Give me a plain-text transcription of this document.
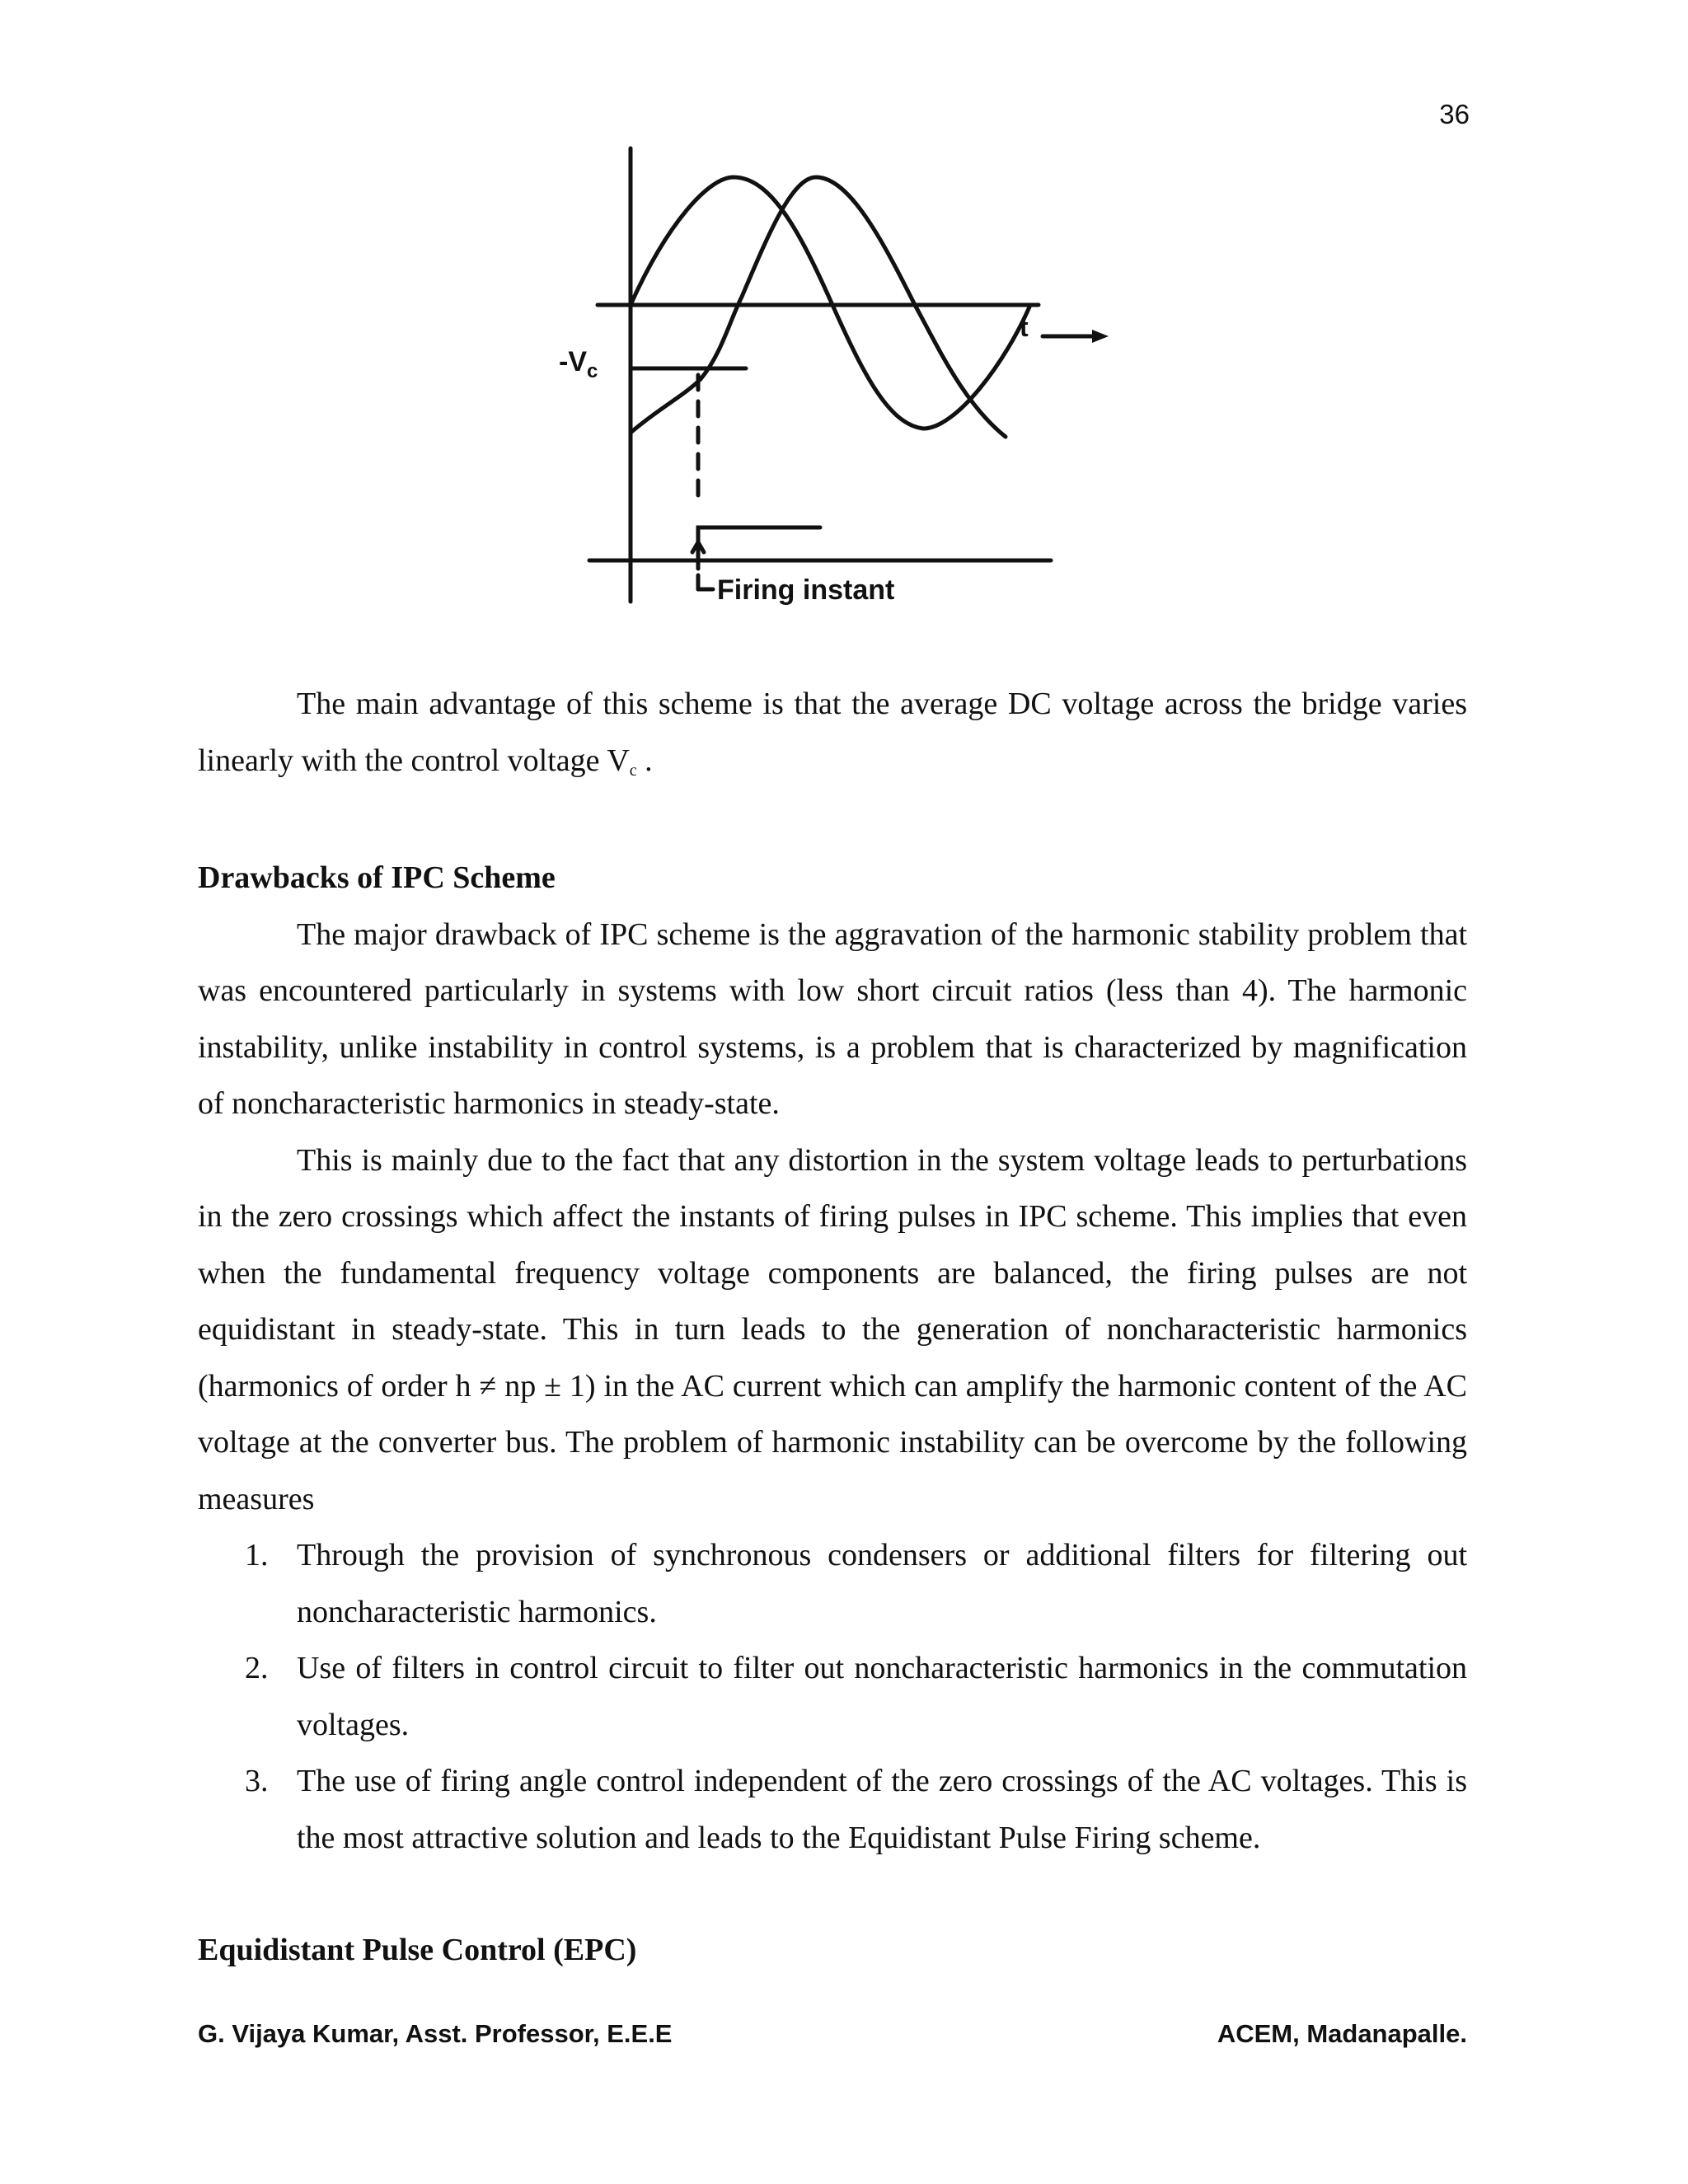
36
$-V_c$
t
Firing instant

The main advantage of this scheme is that the average DC voltage across the bridge varies linearly with the control voltage $V_c$ .

Drawbacks of IPC Scheme

The major drawback of IPC scheme is the aggravation of the harmonic stability problem that was encountered particularly in systems with low short circuit ratios (less than 4). The harmonic instability, unlike instability in control systems, is a problem that is characterized by magnification of noncharacteristic harmonics in steady-state.

This is mainly due to the fact that any distortion in the system voltage leads to perturbations in the zero crossings which affect the instants of firing pulses in IPC scheme. This implies that even when the fundamental frequency voltage components are balanced, the firing pulses are not equidistant in steady-state. This in turn leads to the generation of noncharacteristic harmonics (harmonics of order h ≠ np ± 1) in the AC current which can amplify the harmonic content of the AC voltage at the converter bus. The problem of harmonic instability can be overcome by the following measures

1. Through the provision of synchronous condensers or additional filters for filtering out noncharacteristic harmonics.
2. Use of filters in control circuit to filter out noncharacteristic harmonics in the commutation voltages.
3. The use of firing angle control independent of the zero crossings of the AC voltages. This is the most attractive solution and leads to the Equidistant Pulse Firing scheme.

Equidistant Pulse Control (EPC)

G. Vijaya Kumar, Asst. Professor, E.E.E	ACEM, Madanapalle.
